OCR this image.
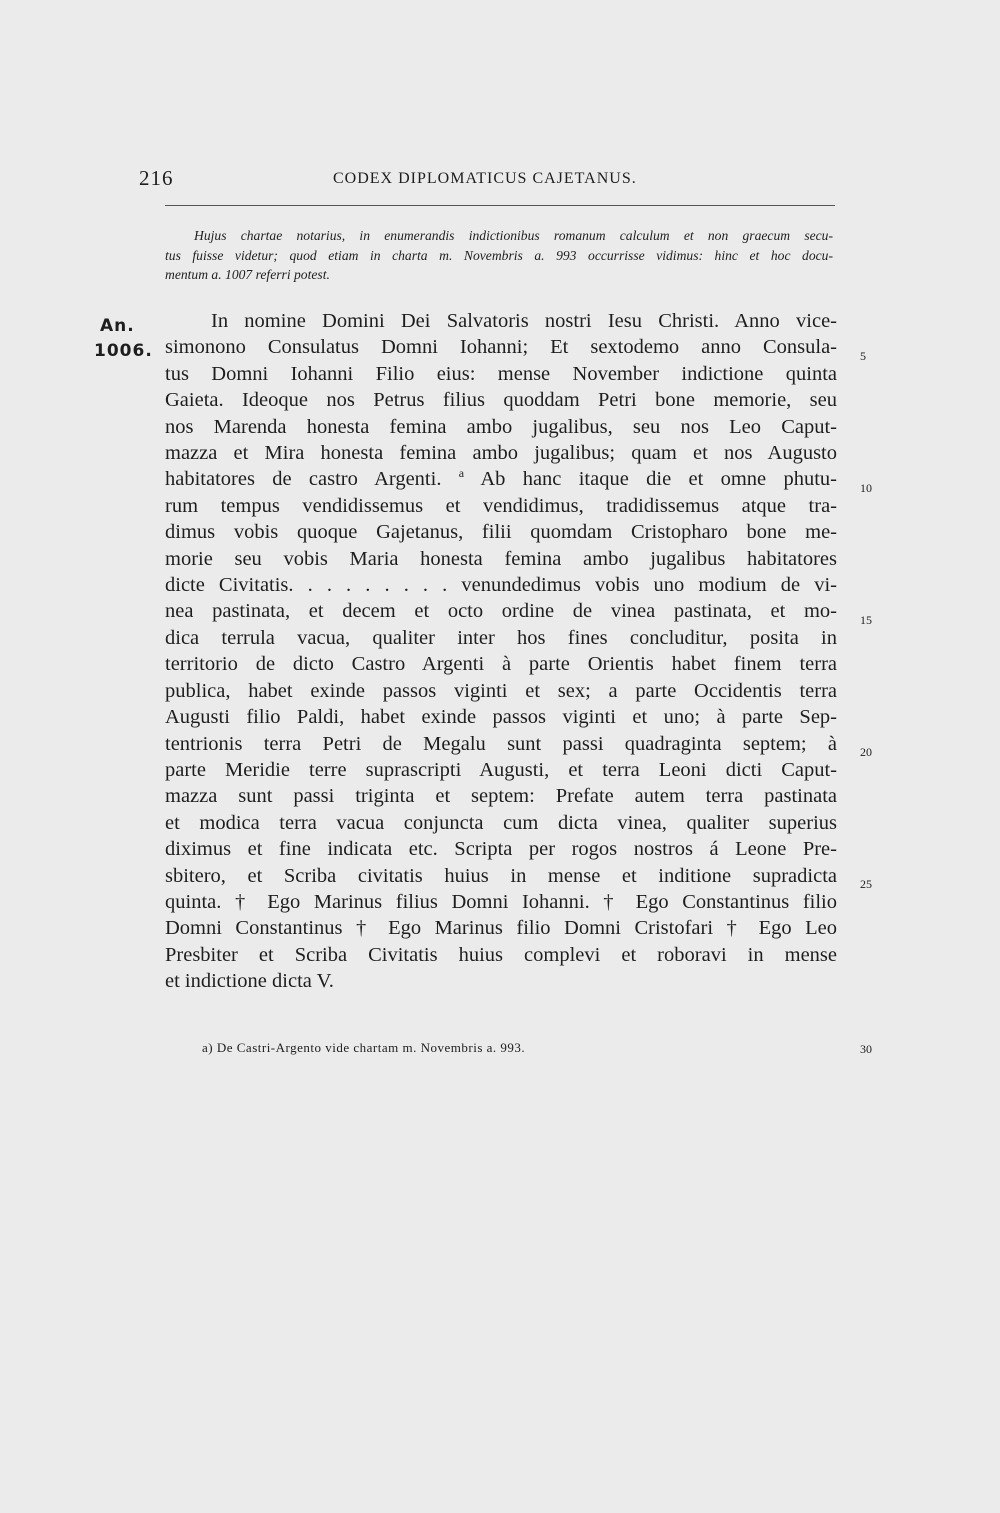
216	CODEX DIPLOMATICUS CAJETANUS.

Hujus chartae notarius, in enumerandis indictionibus romanum calculum et non graecum secu-
tus fuisse videtur; quod etiam in charta m. Novembris a. 993 occurrisse vidimus: hinc et hoc docu-
mentum a. 1007 referri potest.

An.
1006.

In nomine Domini Dei Salvatoris nostri Iesu Christi. Anno vice-
simonono Consulatus Domni Iohanni; Et sextodemo anno Consula-
tus Domni Iohanni Filio eius: mense November indictione quinta
Gaieta. Ideoque nos Petrus filius quoddam Petri bone memorie, seu
nos Marenda honesta femina ambo jugalibus, seu nos Leo Caput-
mazza et Mira honesta femina ambo jugalibus; quam et nos Augusto
habitatores de castro Argenti. $^a$ Ab hanc itaque die et omne phutu-
rum tempus vendidissemus et vendidimus, tradidissemus atque tra-
dimus vobis quoque Gajetanus, filii quomdam Cristopharo bone me-
morie seu vobis Maria honesta femina ambo jugalibus habitatores
dicte Civitatis. . . . . . . . . venundedimus vobis uno modium de vi-
nea pastinata, et decem et octo ordine de vinea pastinata, et mo-
dica terrula vacua, qualiter inter hos fines concluditur, posita in
territorio de dicto Castro Argenti à parte Orientis habet finem terra
publica, habet exinde passos viginti et sex; a parte Occidentis terra
Augusti filio Paldi, habet exinde passos viginti et uno; à parte Sep-
tentrionis terra Petri de Megalu sunt passi quadraginta septem; à
parte Meridie terre suprascripti Augusti, et terra Leoni dicti Caput-
mazza sunt passi triginta et septem: Prefate autem terra pastinata
et modica terra vacua conjuncta cum dicta vinea, qualiter superius
diximus et fine indicata etc. Scripta per rogos nostros á Leone Pre-
sbitero, et Scriba civitatis huius in mense et inditione supradicta
quinta. † Ego Marinus filius Domni Iohanni. † Ego Constantinus filio
Domni Constantinus † Ego Marinus filio Domni Cristofari † Ego Leo
Presbiter et Scriba Civitatis huius complevi et roboravi in mense
et indictione dicta V.

5
10
15
20
25
30
a) De Castri-Argento vide chartam m. Novembris a. 993.
